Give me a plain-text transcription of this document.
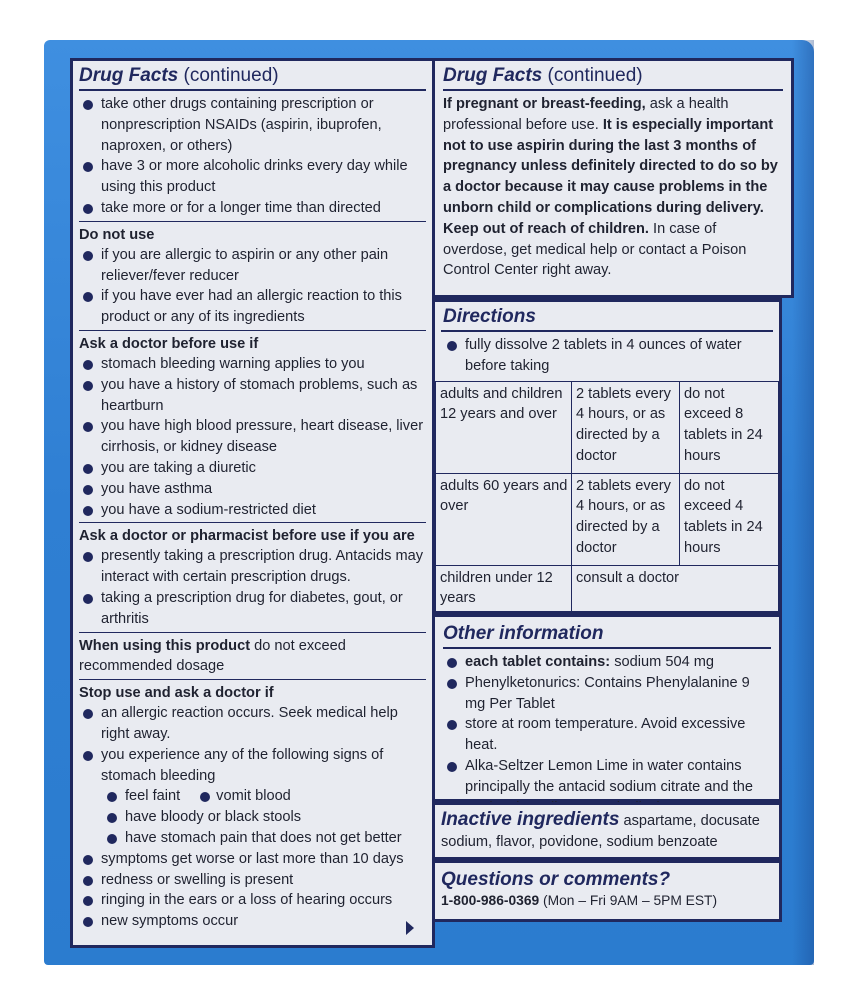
Drug Facts (continued)
take other drugs containing prescription or nonprescription NSAIDs (aspirin, ibuprofen, naproxen, or others)
have 3 or more alcoholic drinks every day while using this product
take more or for a longer time than directed
Do not use
if you are allergic to aspirin or any other pain reliever/fever reducer
if you have ever had an allergic reaction to this product or any of its ingredients
Ask a doctor before use if
stomach bleeding warning applies to you
you have a history of stomach problems, such as heartburn
you have high blood pressure, heart disease, liver cirrhosis, or kidney disease
you are taking a diuretic
you have asthma
you have a sodium-restricted diet
Ask a doctor or pharmacist before use if you are
presently taking a prescription drug. Antacids may interact with certain prescription drugs.
taking a prescription drug for diabetes, gout, or arthritis
When using this product do not exceed recommended dosage
Stop use and ask a doctor if
an allergic reaction occurs. Seek medical help right away.
you experience any of the following signs of stomach bleeding
feel faint vomit blood
have bloody or black stools
have stomach pain that does not get better
symptoms get worse or last more than 10 days
redness or swelling is present
ringing in the ears or a loss of hearing occurs
new symptoms occur
Drug Facts (continued)
If pregnant or breast-feeding, ask a health professional before use. It is especially important not to use aspirin during the last 3 months of pregnancy unless definitely directed to do so by a doctor because it may cause problems in the unborn child or complications during delivery. Keep out of reach of children. In case of overdose, get medical help or contact a Poison Control Center right away.
Directions
fully dissolve 2 tablets in 4 ounces of water before taking
adults and children 12 years and over	2 tablets every 4 hours, or as directed by a doctor	do not exceed 8 tablets in 24 hours
adults 60 years and over	2 tablets every 4 hours, or as directed by a doctor	do not exceed 4 tablets in 24 hours
children under 12 years	consult a doctor	
Other information
each tablet contains: sodium 504 mg
Phenylketonurics: Contains Phenylalanine 9 mg Per Tablet
store at room temperature. Avoid excessive heat.
Alka-Seltzer Lemon Lime in water contains principally the antacid sodium citrate and the
Inactive ingredients aspartame, docusate sodium, flavor, povidone, sodium benzoate
Questions or comments?
1-800-986-0369 (Mon – Fri 9AM – 5PM EST)
